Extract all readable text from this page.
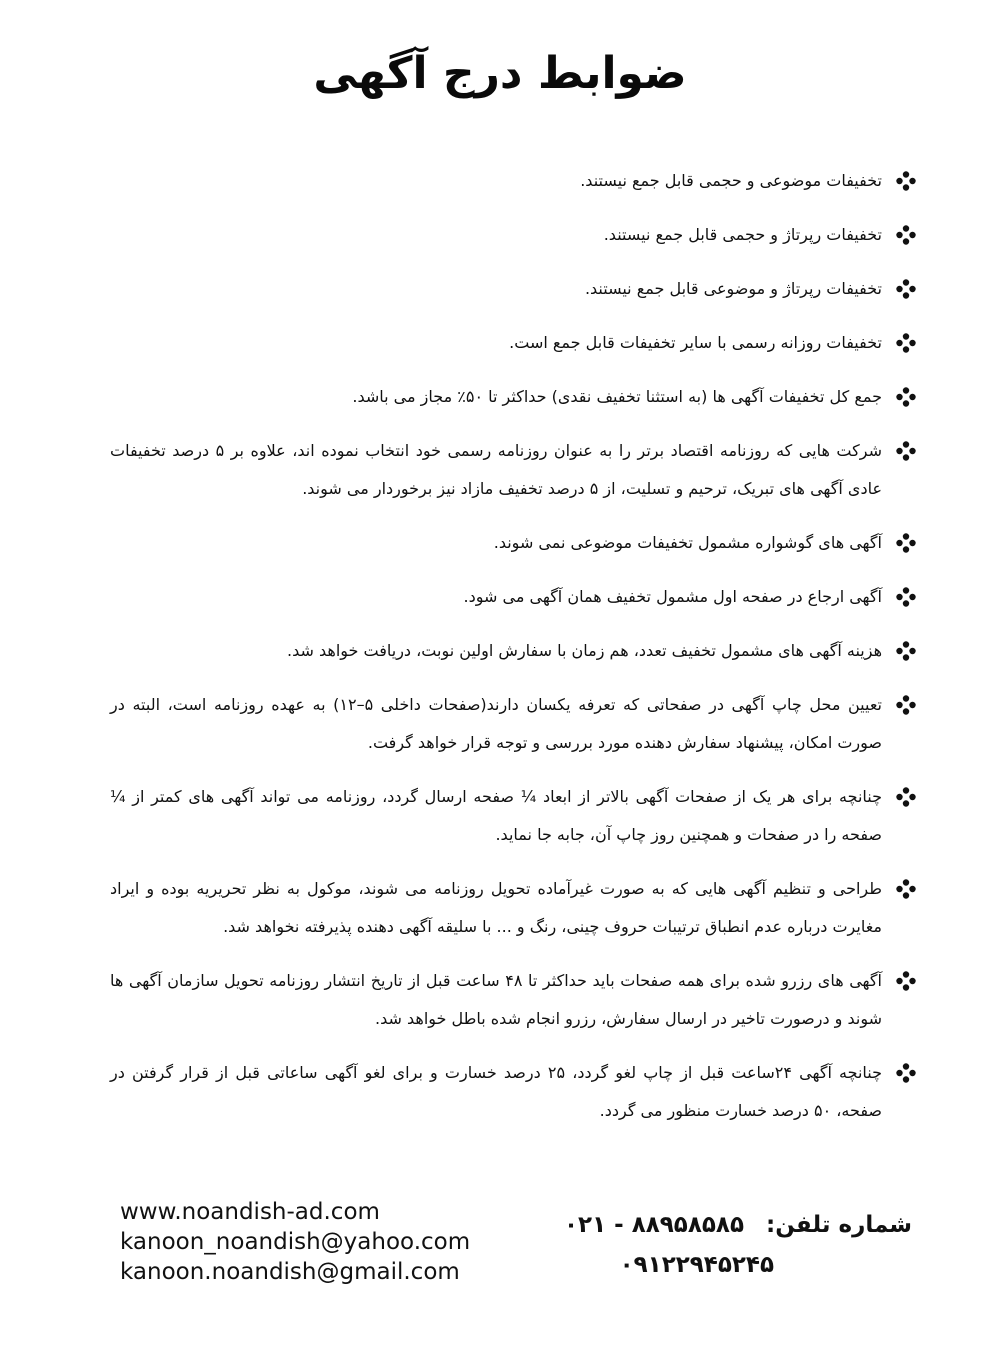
ضوابط درج آگهی
تخفیفات موضوعی و حجمی قابل جمع نیستند.
تخفیفات رپرتاژ و حجمی قابل جمع نیستند.
تخفیفات رپرتاژ و موضوعی قابل جمع نیستند.
تخفیفات روزانه رسمی با سایر تخفیفات قابل جمع است.
جمع کل تخفیفات آگهی ها (به استثنا تخفیف نقدی) حداکثر تا ۵۰٪ مجاز می باشد.
شرکت هایی که روزنامه اقتصاد برتر را به عنوان روزنامه رسمی خود انتخاب نموده اند، علاوه بر ۵ درصد تخفیفات عادی آگهی های تبریک، ترحیم و تسلیت، از ۵ درصد تخفیف مازاد نیز برخوردار می شوند.
آگهی های گوشواره مشمول تخفیفات موضوعی نمی شوند.
آگهی ارجاع در صفحه اول مشمول تخفیف همان آگهی می شود.
هزینه آگهی های مشمول تخفیف تعدد، هم زمان با سفارش اولین نوبت، دریافت خواهد شد.
تعیین محل چاپ آگهی در صفحاتی که تعرفه یکسان دارند(صفحات داخلی ۵–۱۲) به عهده روزنامه است، البته در صورت امکان، پیشنهاد سفارش دهنده مورد بررسی و توجه قرار خواهد گرفت.
چنانچه برای هر یک از صفحات آگهی بالاتر از ابعاد ¼ صفحه ارسال گردد، روزنامه می تواند آگهی های کمتر از ¼ صفحه را در صفحات و همچنین روز چاپ آن، جابه جا نماید.
طراحی و تنظیم آگهی هایی که به صورت غیرآماده تحویل روزنامه می شوند، موکول به نظر تحریریه بوده و ایراد مغایرت درباره عدم انطباق ترتیبات حروف چینی، رنگ و ... با سلیقه آگهی دهنده پذیرفته نخواهد شد.
آگهی های رزرو شده برای همه صفحات باید حداکثر تا ۴۸ ساعت قبل از تاریخ انتشار روزنامه تحویل سازمان آگهی ها شوند و درصورت تاخیر در ارسال سفارش، رزرو انجام شده باطل خواهد شد.
چنانچه آگهی ۲۴ساعت قبل از چاپ لغو گردد، ۲۵ درصد خسارت و برای لغو آگهی ساعاتی قبل از قرار گرفتن در صفحه، ۵۰ درصد خسارت منظور می گردد.
www.noandish-ad.com
kanoon_noandish@yahoo.com
kanoon.noandish@gmail.com
شماره تلفن: ۰۲۱ - ۸۸۹۵۸۵۸۵
۰۹۱۲۲۹۴۵۲۴۵
